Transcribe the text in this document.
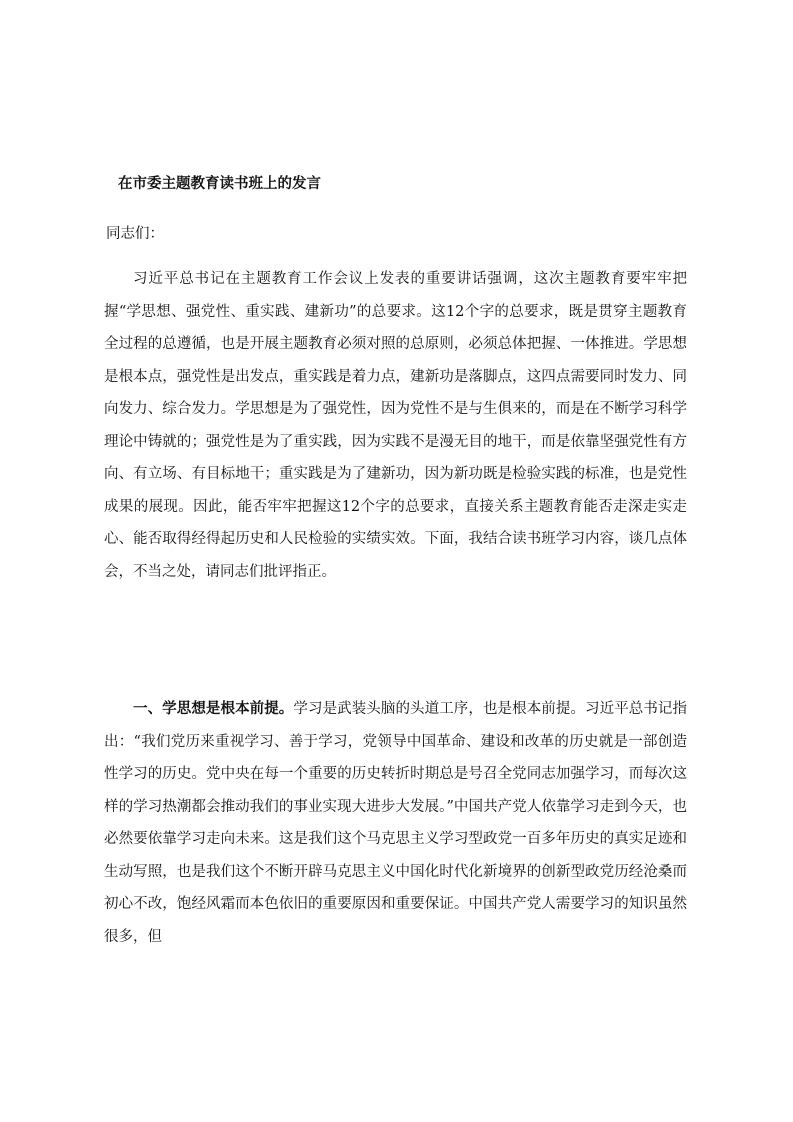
在市委主题教育读书班上的发言
同志们：

习近平总书记在主题教育工作会议上发表的重要讲话强调，这次主题教育要牢牢把握“学思想、强党性、重实践、建新功”的总要求。这12个字的总要求，既是贯穿主题教育全过程的总遵循，也是开展主题教育必须对照的总原则，必须总体把握、一体推进。学思想是根本点，强党性是出发点，重实践是着力点，建新功是落脚点，这四点需要同时发力、同向发力、综合发力。学思想是为了强党性，因为党性不是与生俱来的，而是在不断学习科学理论中铸就的；强党性是为了重实践，因为实践不是漫无目的地干，而是依靠坚强党性有方向、有立场、有目标地干；重实践是为了建新功，因为新功既是检验实践的标准，也是党性成果的展现。因此，能否牢牢把握这12个字的总要求，直接关系主题教育能否走深走实走心、能否取得经得起历史和人民检验的实绩实效。下面，我结合读书班学习内容，谈几点体会，不当之处，请同志们批评指正。

一、学思想是根本前提。学习是武装头脑的头道工序，也是根本前提。习近平总书记指出：“我们党历来重视学习、善于学习，党领导中国革命、建设和改革的历史就是一部创造性学习的历史。党中央在每一个重要的历史转折时期总是号召全党同志加强学习，而每次这样的学习热潮都会推动我们的事业实现大进步大发展。”中国共产党人依靠学习走到今天，也必然要依靠学习走向未来。这是我们这个马克思主义学习型政党一百多年历史的真实足迹和生动写照，也是我们这个不断开辟马克思主义中国化时代化新境界的创新型政党历经沧桑而初心不改，饱经风霜而本色依旧的重要原因和重要保证。中国共产党人需要学习的知识虽然很多，但
